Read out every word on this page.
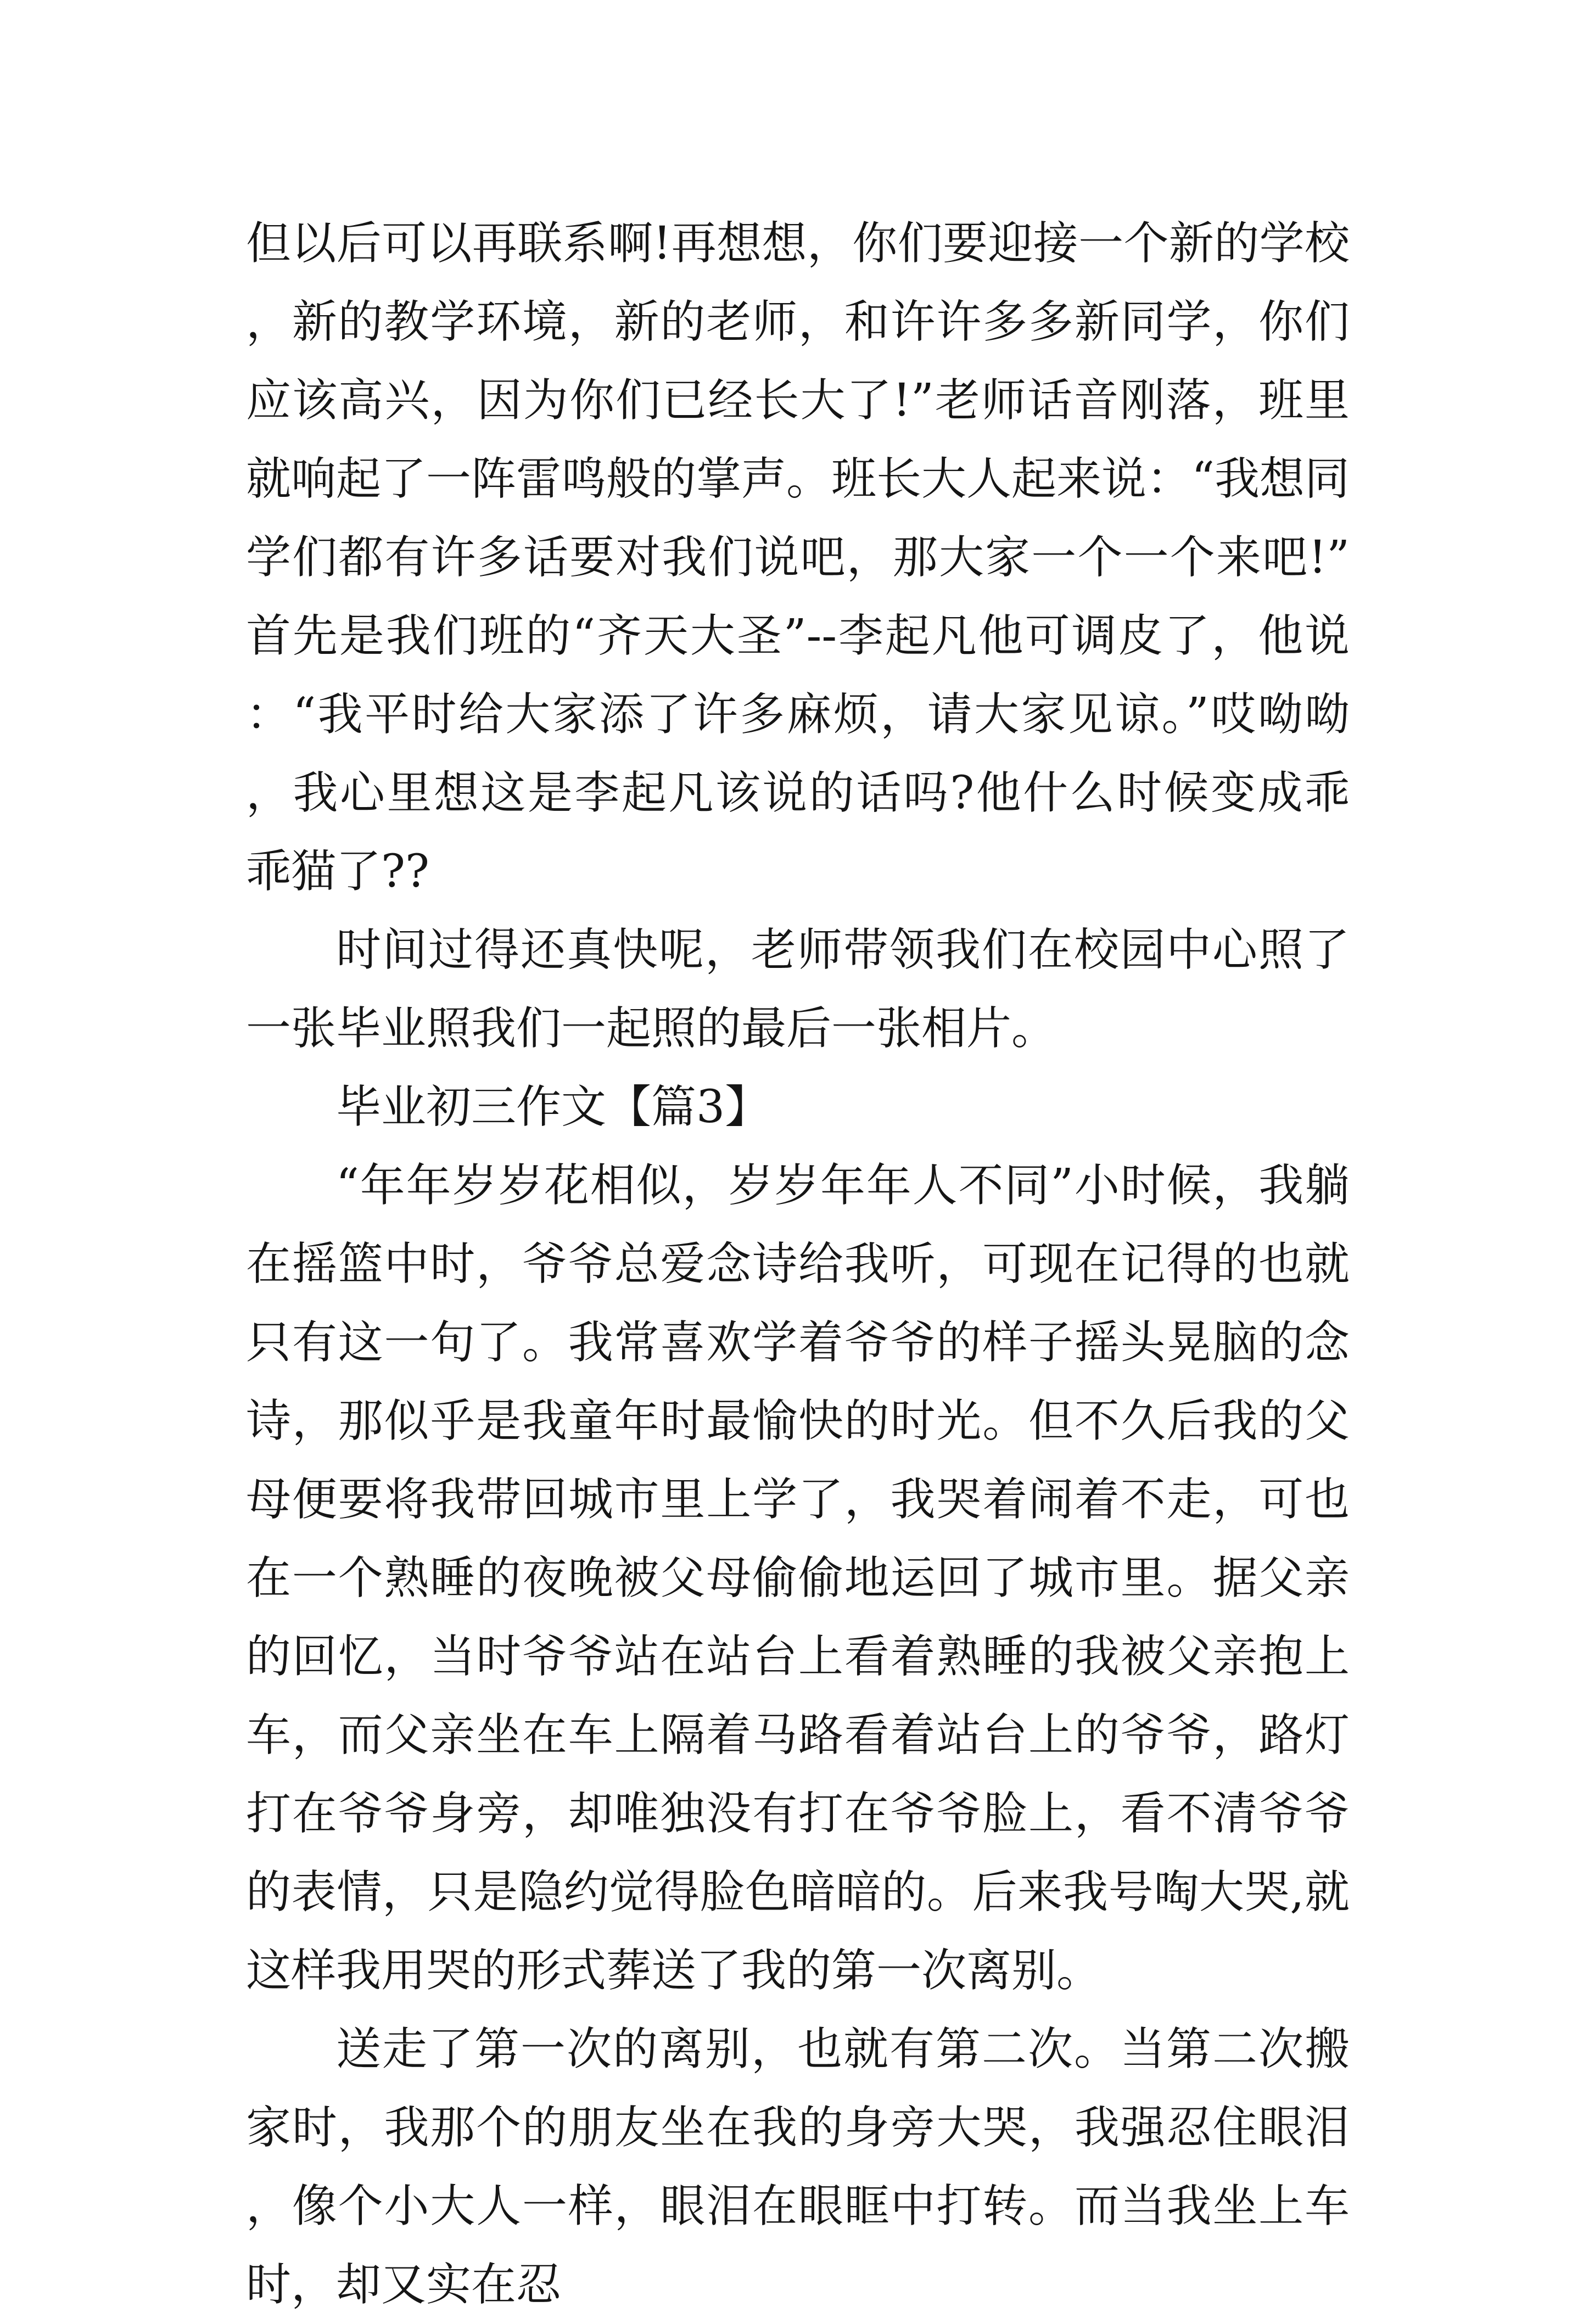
但以后可以再联系啊!再想想，你们要迎接一个新的学校，新的教学环境，新的老师，和许许多多新同学，你们应该高兴，因为你们已经长大了!”老师话音刚落，班里就响起了一阵雷鸣般的掌声。班长大人起来说：“我想同学们都有许多话要对我们说吧，那大家一个一个来吧!”首先是我们班的“齐天大圣”--李起凡他可调皮了，他说：“我平时给大家添了许多麻烦，请大家见谅。”哎呦呦，我心里想这是李起凡该说的话吗?他什么时候变成乖乖猫了??

时间过得还真快呢，老师带领我们在校园中心照了一张毕业照我们一起照的最后一张相片。

毕业初三作文【篇3】

“年年岁岁花相似，岁岁年年人不同”小时候，我躺在摇篮中时，爷爷总爱念诗给我听，可现在记得的也就只有这一句了。我常喜欢学着爷爷的样子摇头晃脑的念诗，那似乎是我童年时最愉快的时光。但不久后我的父母便要将我带回城市里上学了，我哭着闹着不走，可也在一个熟睡的夜晚被父母偷偷地运回了城市里。据父亲的回忆，当时爷爷站在站台上看着熟睡的我被父亲抱上车，而父亲坐在车上隔着马路看着站台上的爷爷，路灯打在爷爷身旁，却唯独没有打在爷爷脸上，看不清爷爷的表情，只是隐约觉得脸色暗暗的。后来我号啕大哭,就这样我用哭的形式葬送了我的第一次离别。

送走了第一次的离别，也就有第二次。当第二次搬家时，我那个的朋友坐在我的身旁大哭，我强忍住眼泪，像个小大人一样，眼泪在眼眶中打转。而当我坐上车时，却又实在忍
